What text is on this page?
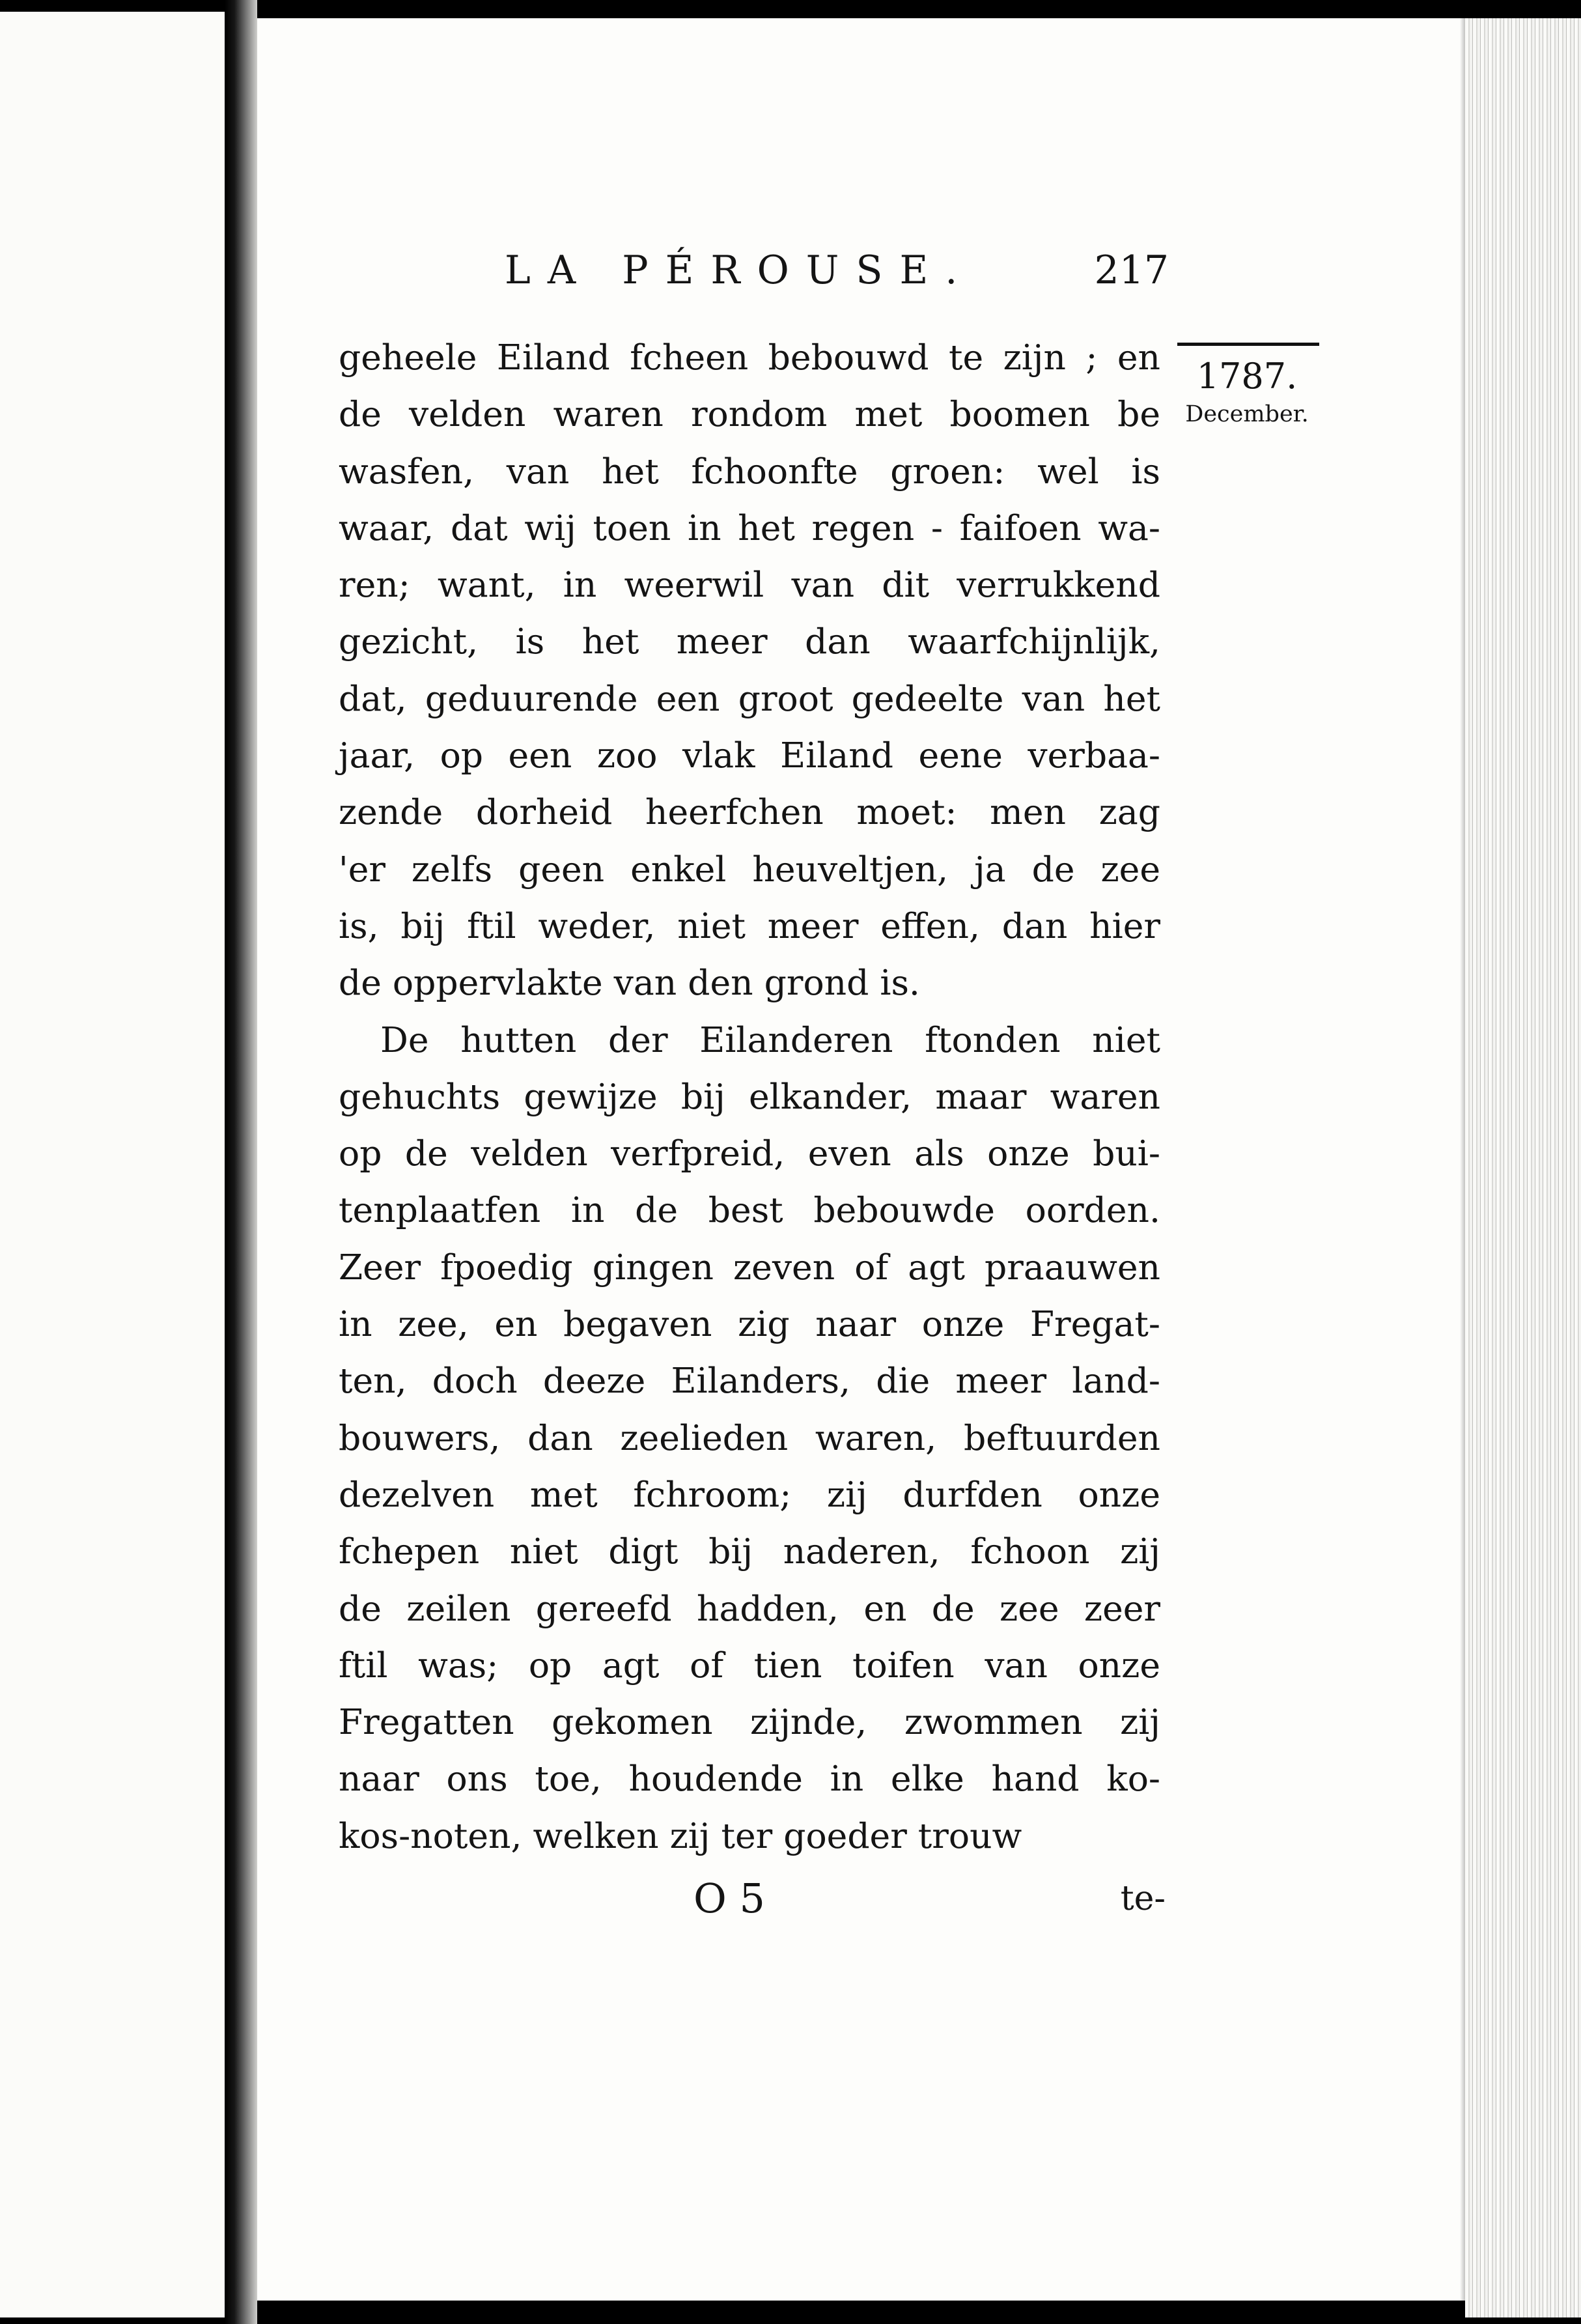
LA PÉROUSE.	217
1787.
December.
geheele Eiland fcheen bebouwd te zijn ; en
de velden waren rondom met boomen be
wasfen, van het fchoonfte groen: wel is
waar, dat wij toen in het regen - faifoen wa-
ren; want, in weerwil van dit verrukkend
gezicht, is het meer dan waarfchijnlijk,
dat, geduurende een groot gedeelte van het
jaar, op een zoo vlak Eiland eene verbaa-
zende dorheid heerfchen moet: men zag
'er zelfs geen enkel heuveltjen, ja de zee
is, bij ftil weder, niet meer effen, dan hier
de oppervlakte van den grond is.
De hutten der Eilanderen ftonden niet
gehuchts gewijze bij elkander, maar waren
op de velden verfpreid, even als onze bui-
tenplaatfen in de best bebouwde oorden.
Zeer fpoedig gingen zeven of agt praauwen
in zee, en begaven zig naar onze Fregat-
ten, doch deeze Eilanders, die meer land-
bouwers, dan zeelieden waren, beftuurden
dezelven met fchroom; zij durfden onze
fchepen niet digt bij naderen, fchoon zij
de zeilen gereefd hadden, en de zee zeer
ftil was; op agt of tien toifen van onze
Fregatten gekomen zijnde, zwommen zij
naar ons toe, houdende in elke hand ko-
kos-noten, welken zij ter goeder trouw
O 5	te-
